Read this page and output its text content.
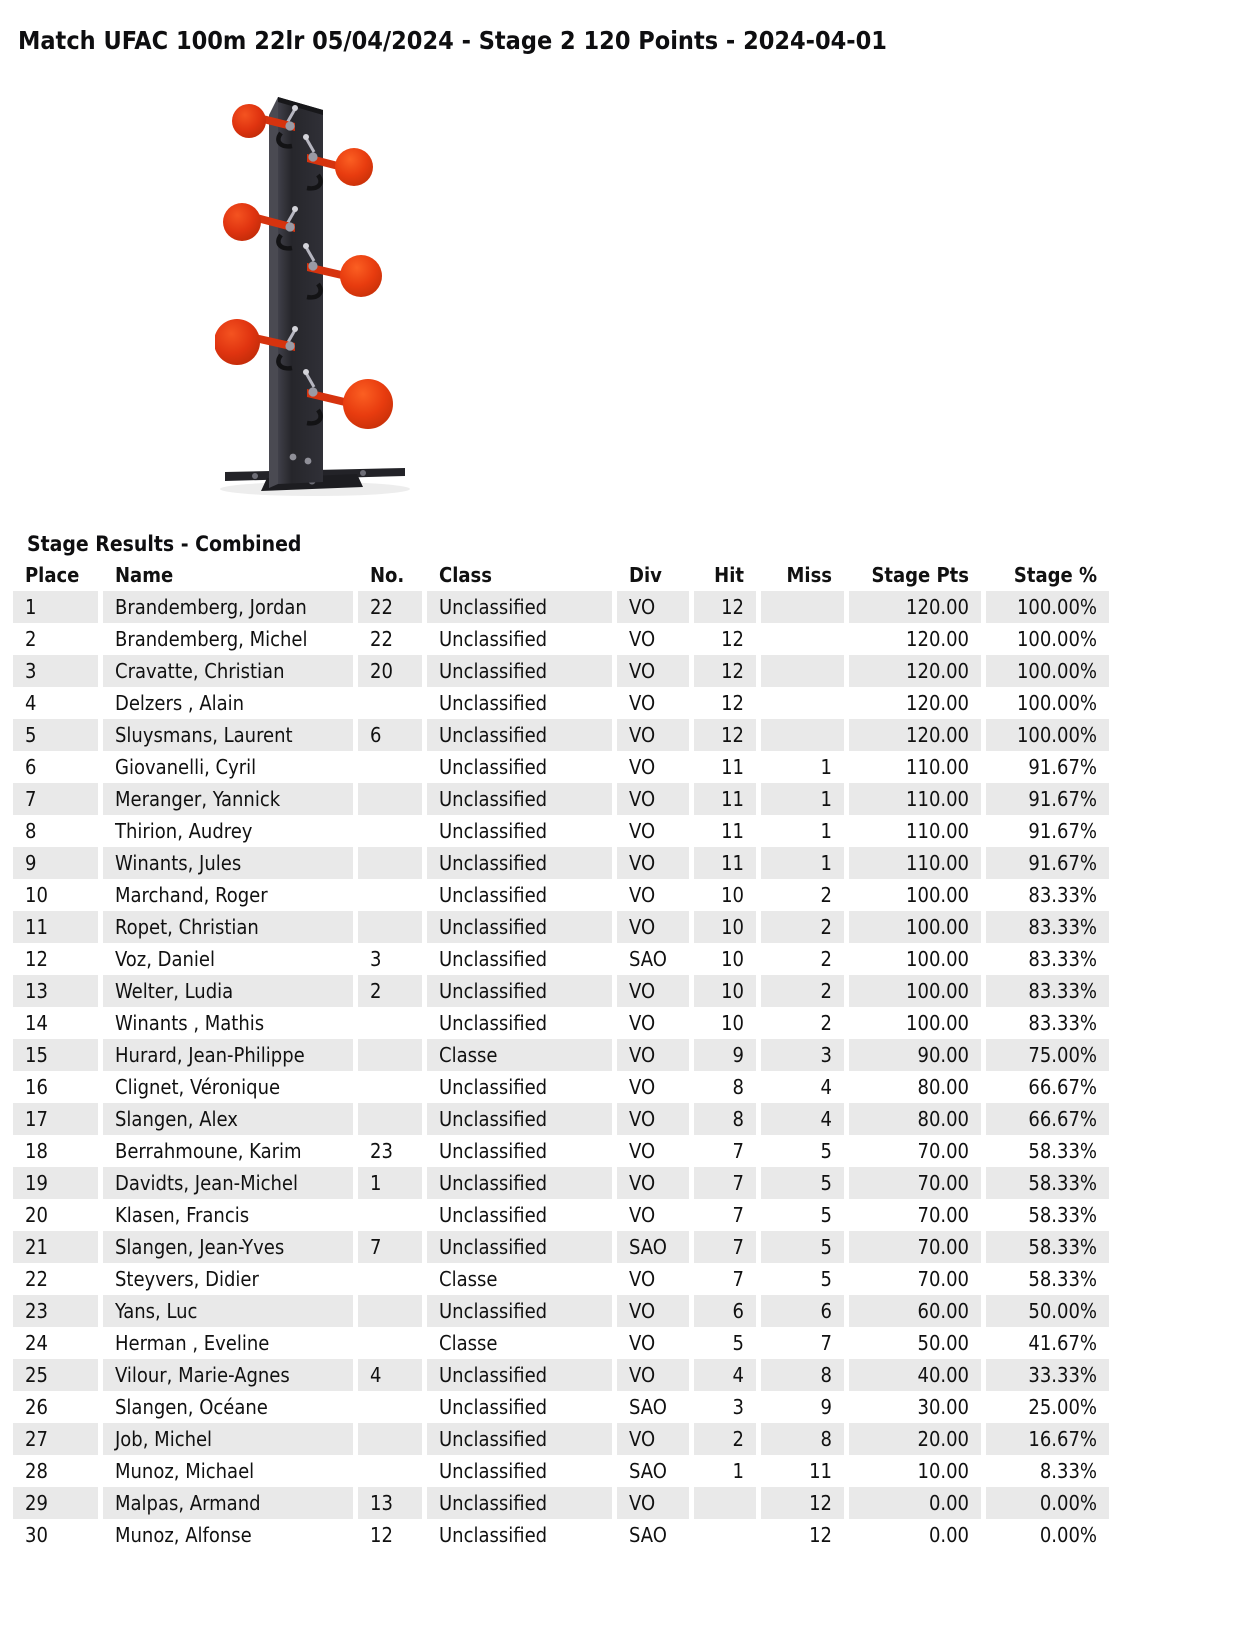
Match UFAC 100m 22lr 05/04/2024 - Stage 2 120 Points - 2024-04-01
Stage Results - Combined
Place	Name	No.	Class	Div	Hit	Miss	Stage Pts	Stage %
1	Brandemberg, Jordan	22	Unclassified	VO	12		120.00	100.00%
2	Brandemberg, Michel	22	Unclassified	VO	12		120.00	100.00%
3	Cravatte, Christian	20	Unclassified	VO	12		120.00	100.00%
4	Delzers , Alain		Unclassified	VO	12		120.00	100.00%
5	Sluysmans, Laurent	6	Unclassified	VO	12		120.00	100.00%
6	Giovanelli, Cyril		Unclassified	VO	11	1	110.00	91.67%
7	Meranger, Yannick		Unclassified	VO	11	1	110.00	91.67%
8	Thirion, Audrey		Unclassified	VO	11	1	110.00	91.67%
9	Winants, Jules		Unclassified	VO	11	1	110.00	91.67%
10	Marchand, Roger		Unclassified	VO	10	2	100.00	83.33%
11	Ropet, Christian		Unclassified	VO	10	2	100.00	83.33%
12	Voz, Daniel	3	Unclassified	SAO	10	2	100.00	83.33%
13	Welter, Ludia	2	Unclassified	VO	10	2	100.00	83.33%
14	Winants , Mathis		Unclassified	VO	10	2	100.00	83.33%
15	Hurard, Jean-Philippe		Classe	VO	9	3	90.00	75.00%
16	Clignet, Véronique		Unclassified	VO	8	4	80.00	66.67%
17	Slangen, Alex		Unclassified	VO	8	4	80.00	66.67%
18	Berrahmoune, Karim	23	Unclassified	VO	7	5	70.00	58.33%
19	Davidts, Jean-Michel	1	Unclassified	VO	7	5	70.00	58.33%
20	Klasen, Francis		Unclassified	VO	7	5	70.00	58.33%
21	Slangen, Jean-Yves	7	Unclassified	SAO	7	5	70.00	58.33%
22	Steyvers, Didier		Classe	VO	7	5	70.00	58.33%
23	Yans, Luc		Unclassified	VO	6	6	60.00	50.00%
24	Herman , Eveline		Classe	VO	5	7	50.00	41.67%
25	Vilour, Marie-Agnes	4	Unclassified	VO	4	8	40.00	33.33%
26	Slangen, Océane		Unclassified	SAO	3	9	30.00	25.00%
27	Job, Michel		Unclassified	VO	2	8	20.00	16.67%
28	Munoz, Michael		Unclassified	SAO	1	11	10.00	8.33%
29	Malpas, Armand	13	Unclassified	VO		12	0.00	0.00%
30	Munoz, Alfonse	12	Unclassified	SAO		12	0.00	0.00%
